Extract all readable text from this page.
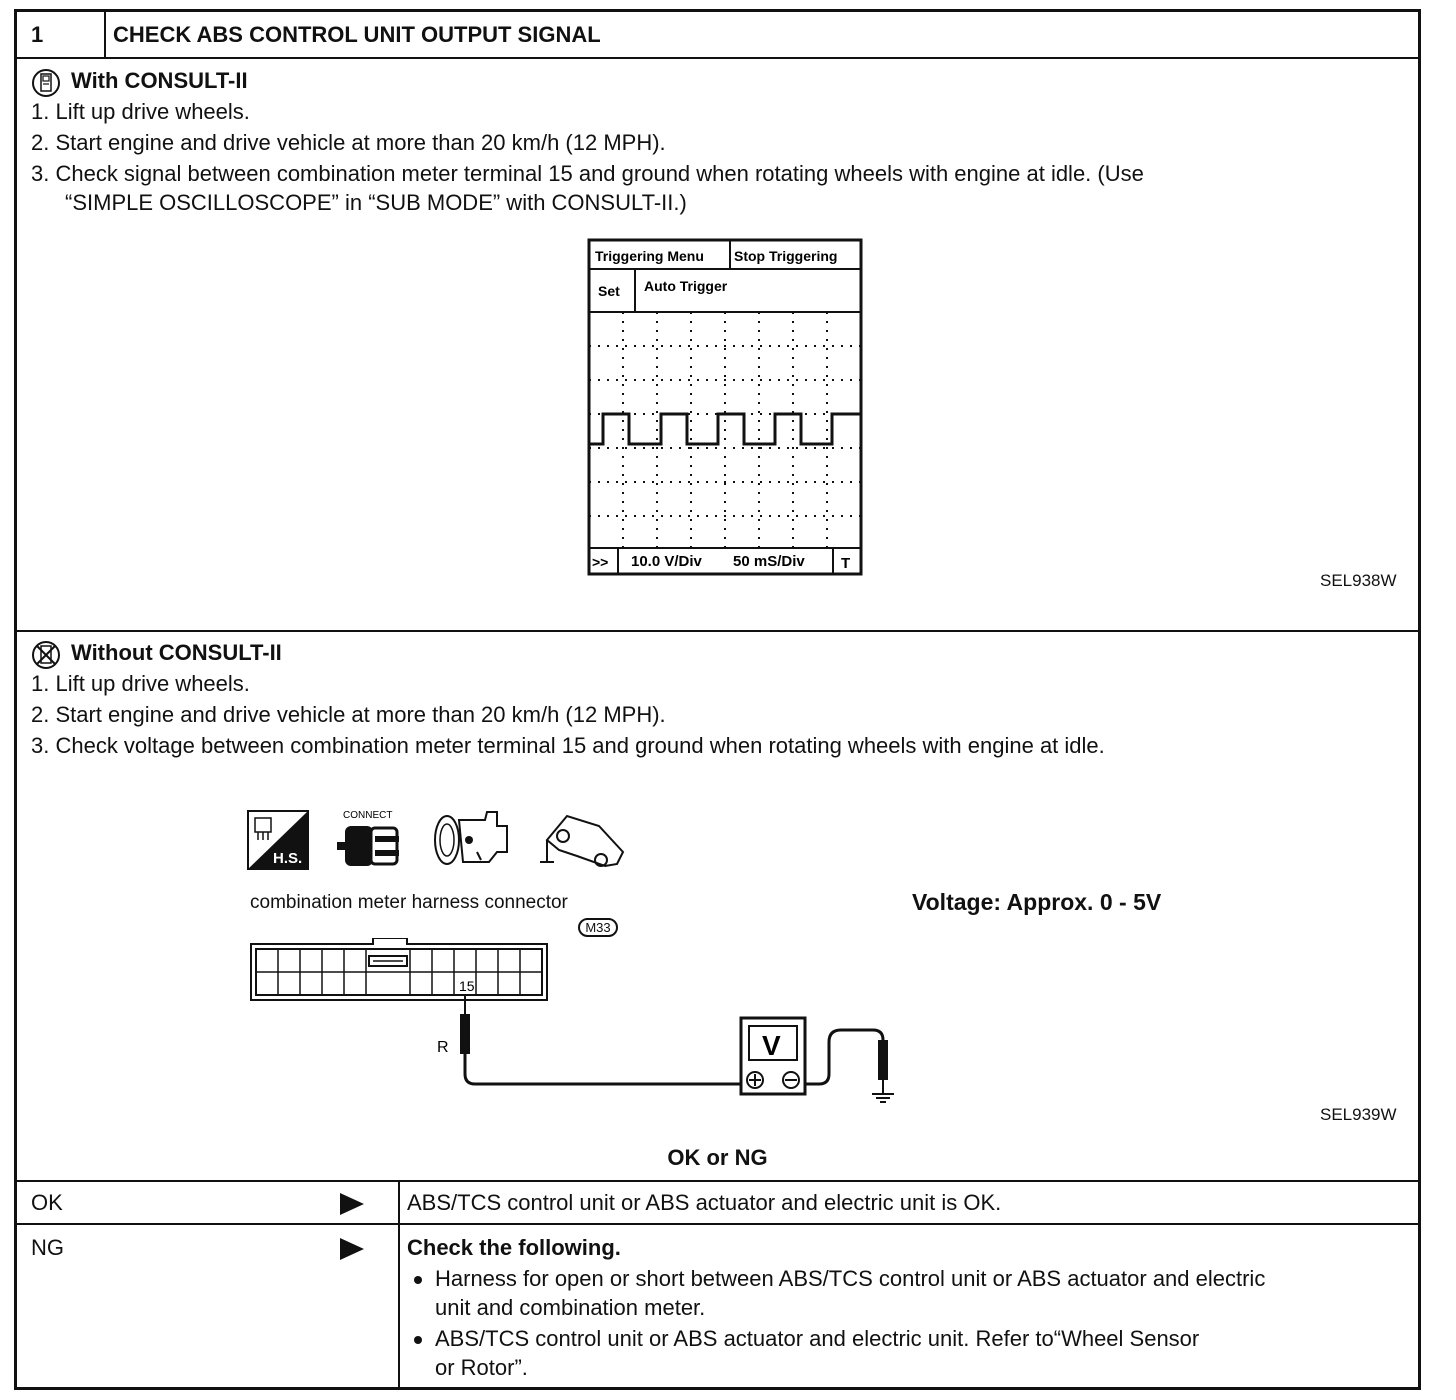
1	CHECK ABS CONTROL UNIT OUTPUT SIGNAL
With CONSULT-II
1. Lift up drive wheels.
2. Start engine and drive vehicle at more than 20 km/h (12 MPH).
3. Check signal between combination meter terminal 15 and ground when rotating wheels with engine at idle. (Use
“SIMPLE OSCILLOSCOPE” in “SUB MODE” with CONSULT-II.)
Triggering Menu Stop Triggering
Set Auto Trigger
>> 10.0 V/Div 50 mS/Div T
SEL938W
Without CONSULT-II
1. Lift up drive wheels.
2. Start engine and drive vehicle at more than 20 km/h (12 MPH).
3. Check voltage between combination meter terminal 15 and ground when rotating wheels with engine at idle.
H.S.
CONNECT
combination meter harness connector
M33
Voltage: Approx. 0 - 5V
15
R	V
SEL939W
OK or NG
OK	ABS/TCS control unit or ABS actuator and electric unit is OK.
NG	Check the following.
Harness for open or short between ABS/TCS control unit or ABS actuator and electric
unit and combination meter.
ABS/TCS control unit or ABS actuator and electric unit. Refer to“Wheel Sensor
or Rotor”.
